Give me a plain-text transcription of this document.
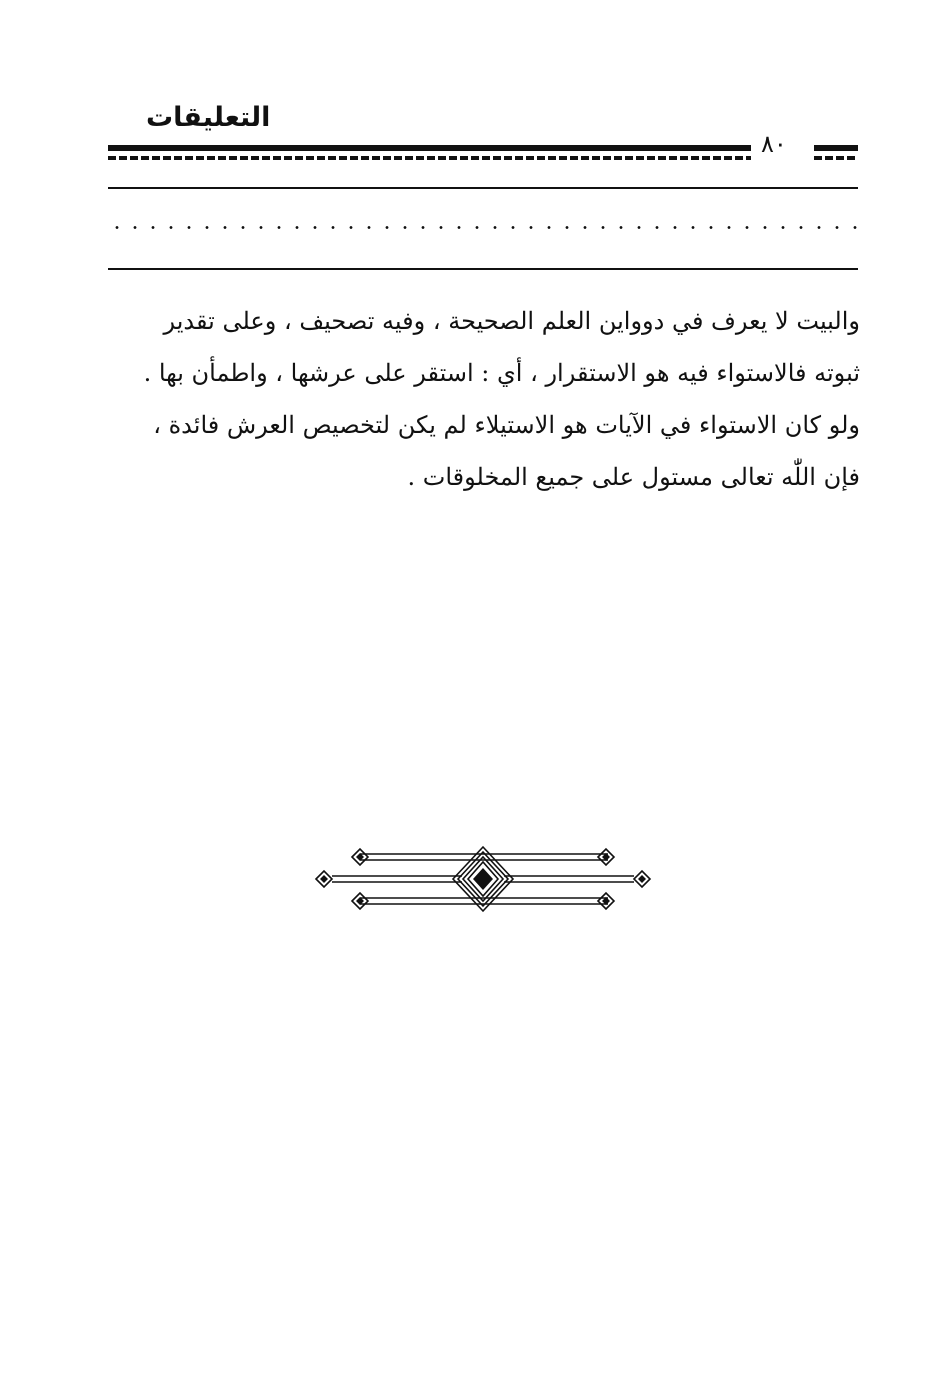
التعليقات
٨٠

والبيت لا يعرف في دوواين العلم الصحيحة ، وفيه تصحيف ، وعلى تقدير

ثبوته فالاستواء فيه هو الاستقرار ، أي : استقر على عرشها ، واطمأن بها .

ولو كان الاستواء في الآيات هو الاستيلاء لم يكن لتخصيص العرش فائدة ،

فإن اللّٰه تعالى مستول على جميع المخلوقات .
